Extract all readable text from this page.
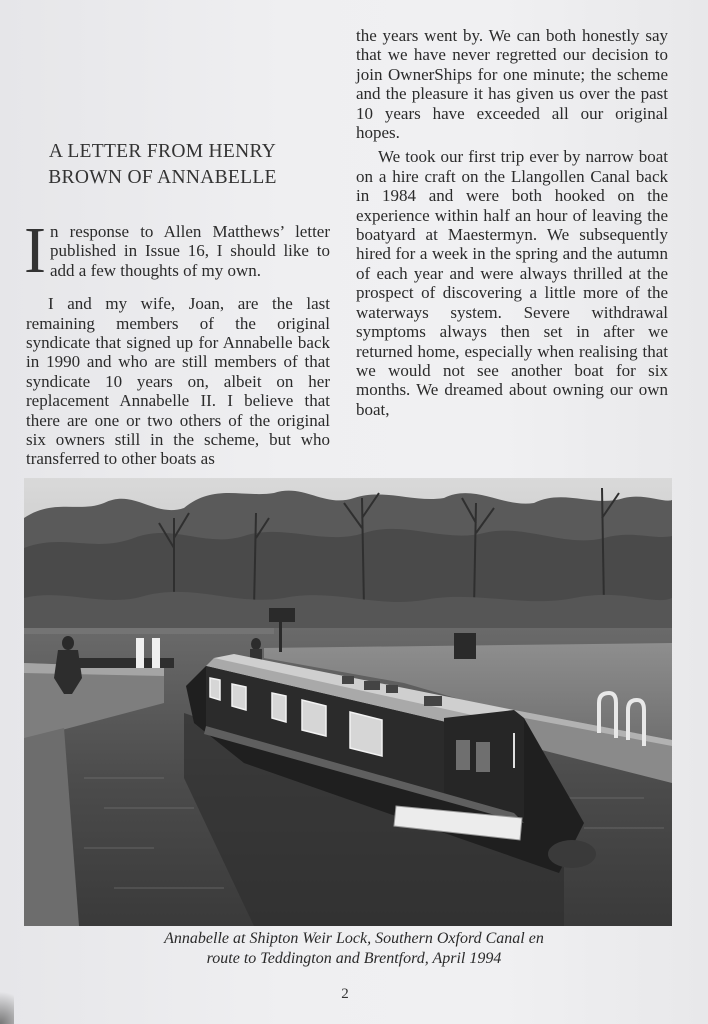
A LETTER FROM HENRY
BROWN OF ANNABELLE

In response to Allen Matthews’ letter published in Issue 16, I should like to add a few thoughts of my own.

I and my wife, Joan, are the last remaining members of the original syndicate that signed up for Annabelle back in 1990 and who are still members of that syndicate 10 years on, albeit on her replacement Annabelle II. I believe that there are one or two others of the original six owners still in the scheme, but who transferred to other boats as

the years went by. We can both honestly say that we have never regretted our decision to join OwnerShips for one minute; the scheme and the pleasure it has given us over the past 10 years have exceeded all our original hopes.

We took our first trip ever by narrow boat on a hire craft on the Llangollen Canal back in 1984 and were both hooked on the experience within half an hour of leaving the boatyard at Maestermyn. We subsequently hired for a week in the spring and the autumn of each year and were always thrilled at the prospect of discovering a little more of the waterways system. Severe withdrawal symptoms always then set in after we returned home, especially when realising that we would not see another boat for six months. We dreamed about owning our own boat,

Annabelle at Shipton Weir Lock, Southern Oxford Canal en
route to Teddington and Brentford, April 1994
2
